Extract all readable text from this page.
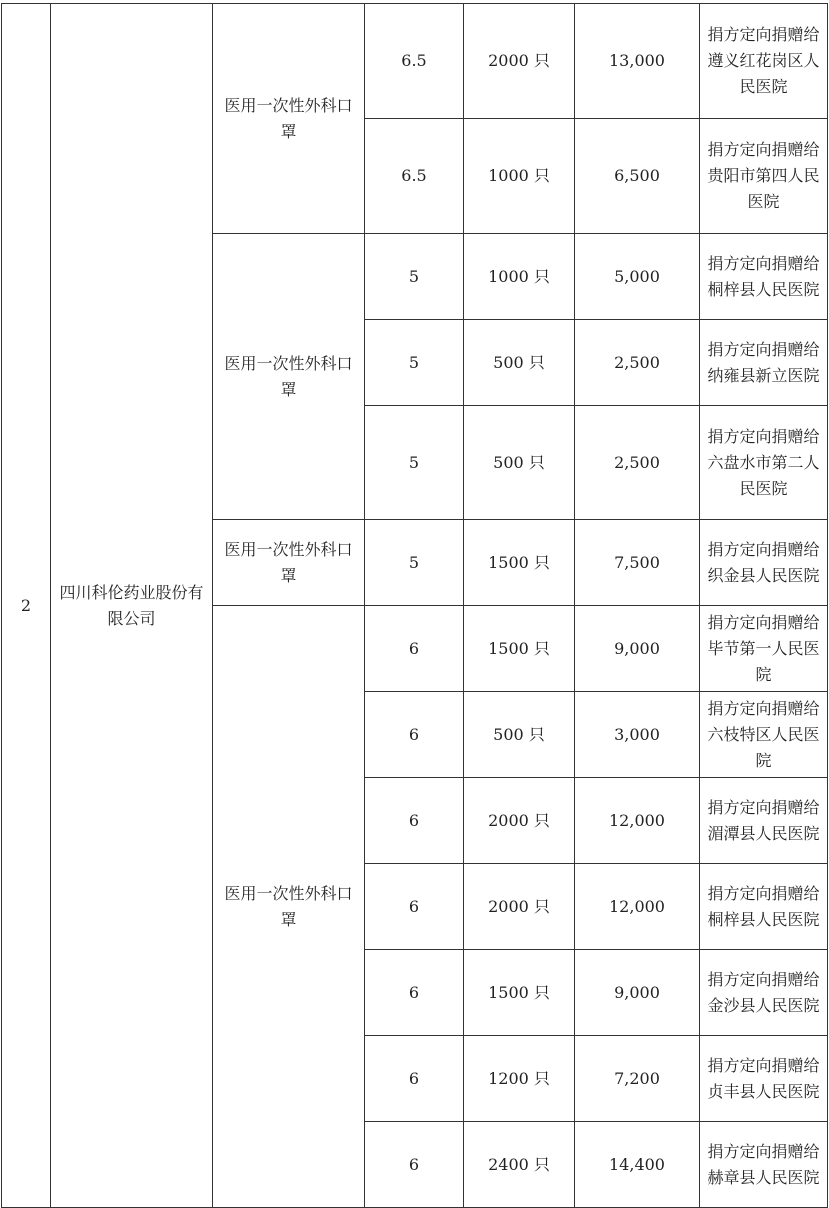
2	四川科伦药业股份有限公司	医用一次性外科口罩	6.5	2000 只	13,000	捐方定向捐赠给遵义红花岗区人民医院
			6.5	1000 只	6,500	捐方定向捐赠给贵阳市第四人民医院
		医用一次性外科口罩	5	1000 只	5,000	捐方定向捐赠给桐梓县人民医院
			5	500 只	2,500	捐方定向捐赠给纳雍县新立医院
			5	500 只	2,500	捐方定向捐赠给六盘水市第二人民医院
		医用一次性外科口罩	5	1500 只	7,500	捐方定向捐赠给织金县人民医院
		医用一次性外科口罩	6	1500 只	9,000	捐方定向捐赠给毕节第一人民医院
			6	500 只	3,000	捐方定向捐赠给六枝特区人民医院
			6	2000 只	12,000	捐方定向捐赠给湄潭县人民医院
			6	2000 只	12,000	捐方定向捐赠给桐梓县人民医院
			6	1500 只	9,000	捐方定向捐赠给金沙县人民医院
			6	1200 只	7,200	捐方定向捐赠给贞丰县人民医院
			6	2400 只	14,400	捐方定向捐赠给赫章县人民医院
